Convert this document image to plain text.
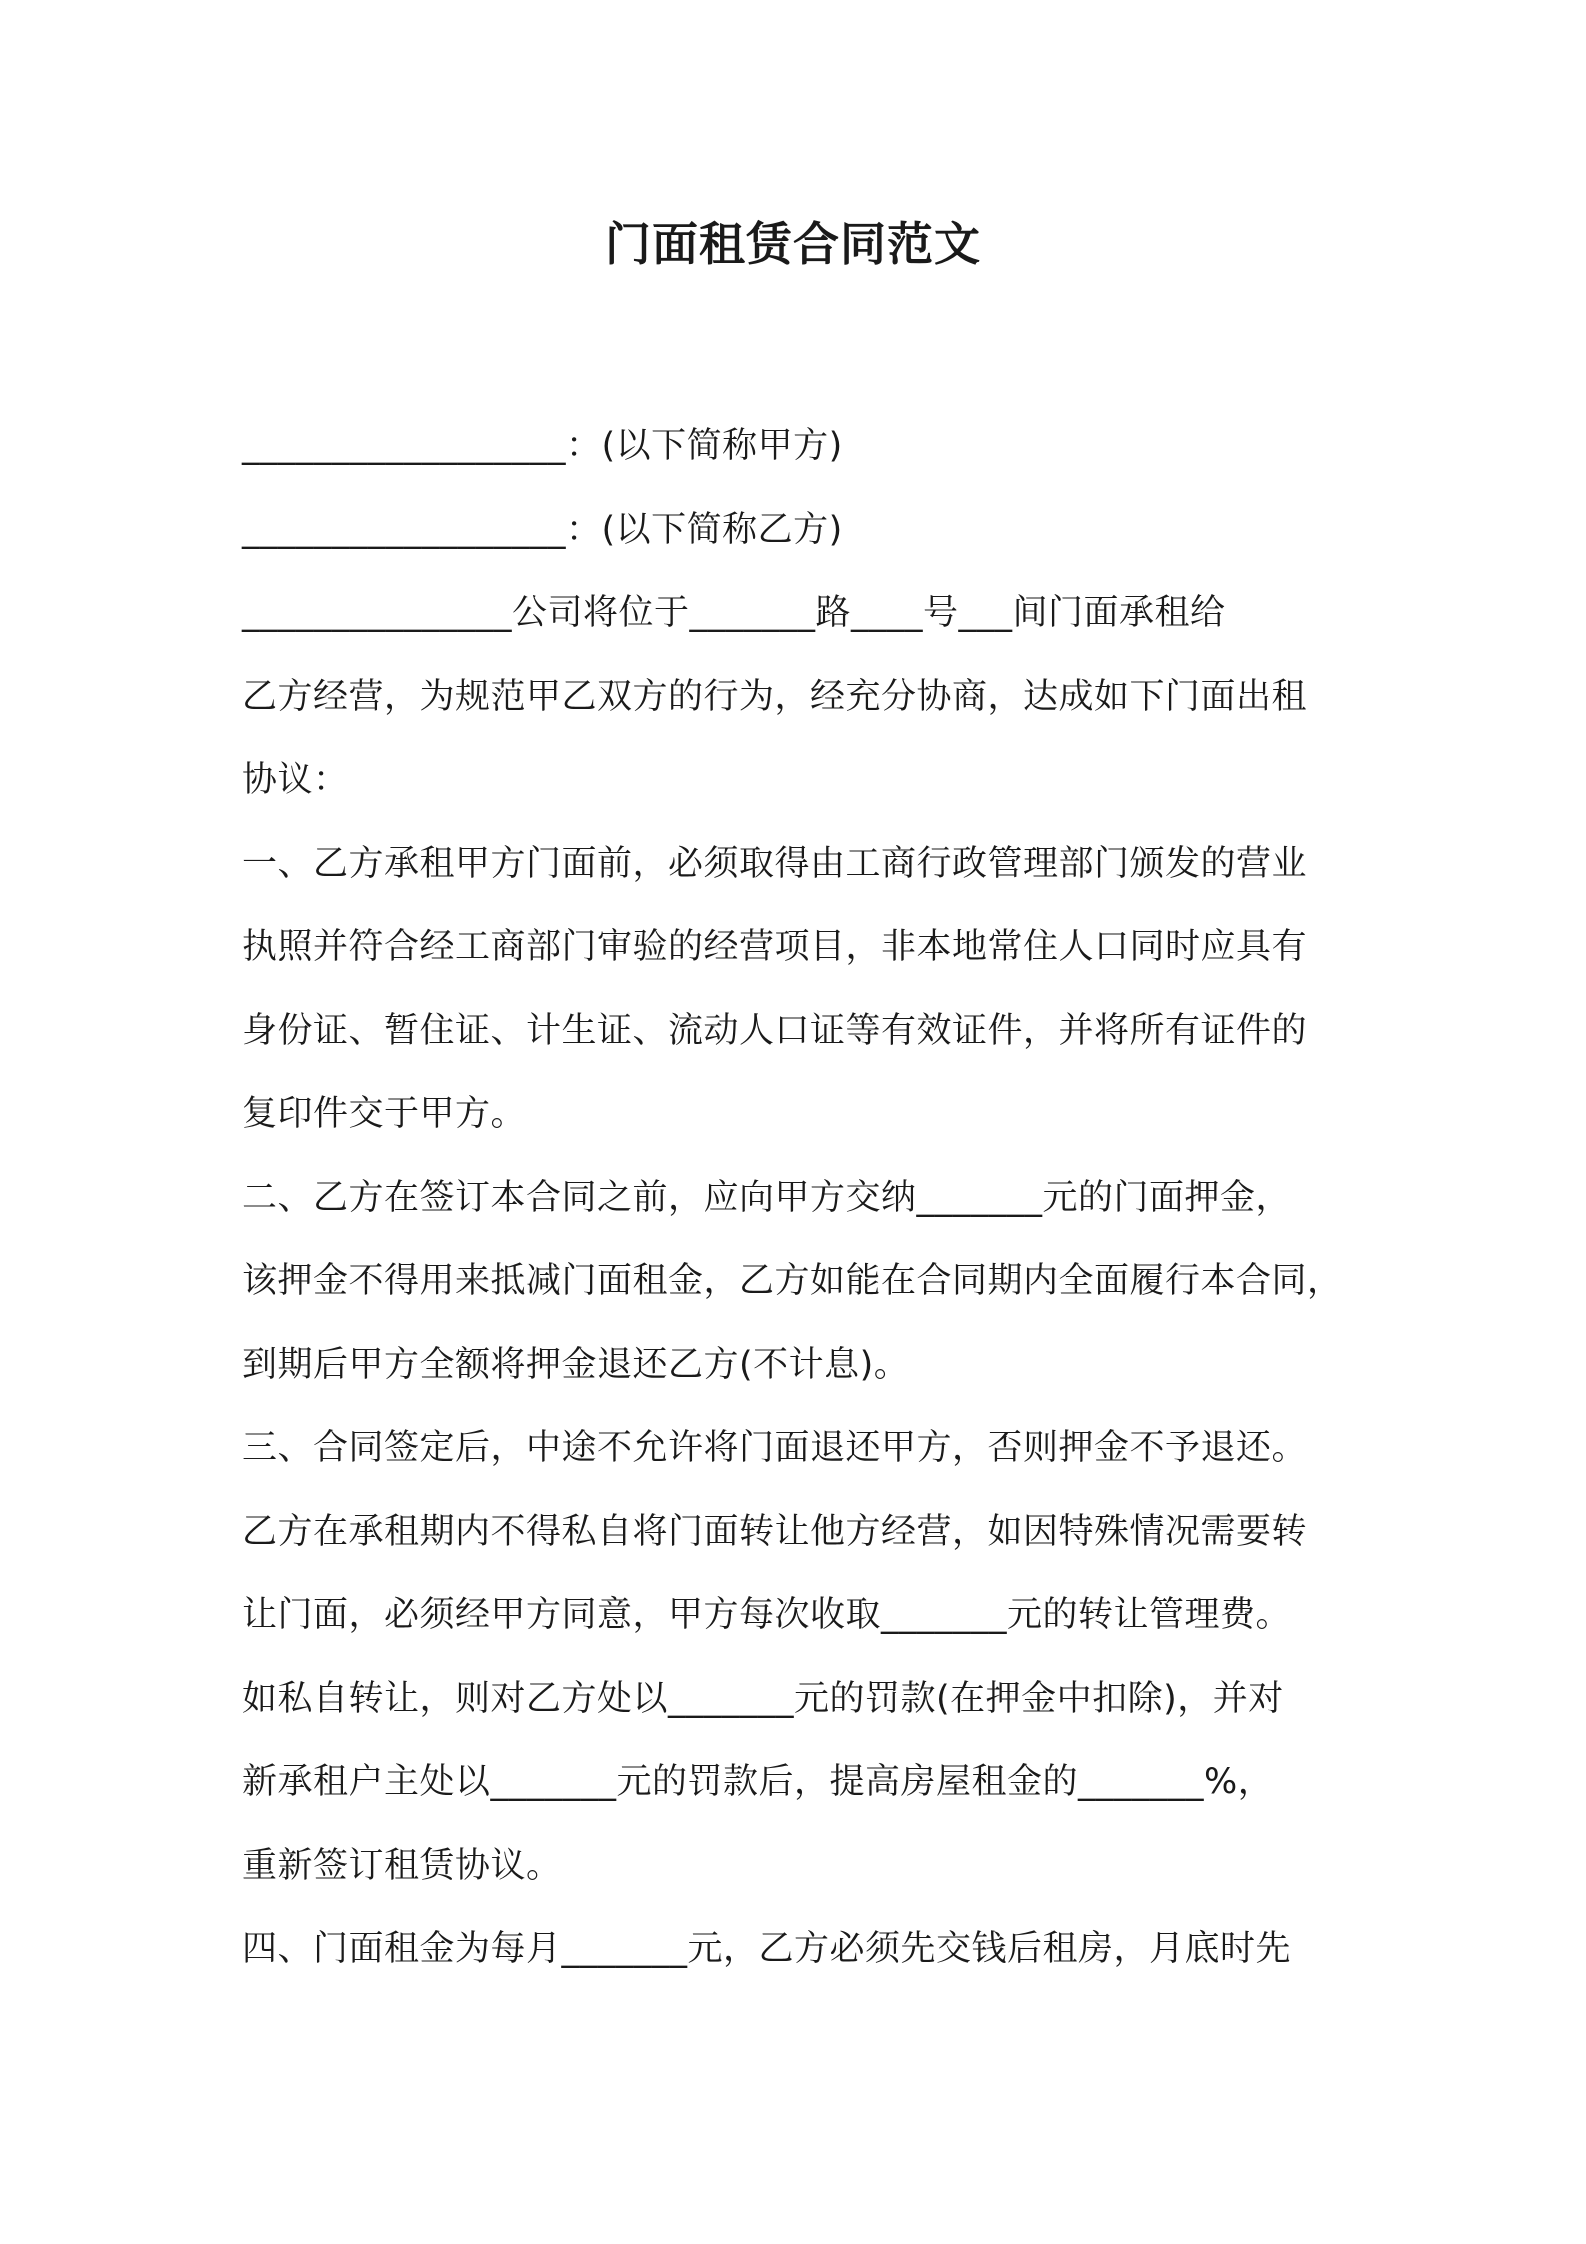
门面租赁合同范文
__________________：(以下简称甲方)
__________________：(以下简称乙方)
_______________公司将位于_______路____号___间门面承租给
乙方经营，为规范甲乙双方的行为，经充分协商，达成如下门面出租
协议：
一、乙方承租甲方门面前，必须取得由工商行政管理部门颁发的营业
执照并符合经工商部门审验的经营项目，非本地常住人口同时应具有
身份证、暂住证、计生证、流动人口证等有效证件，并将所有证件的
复印件交于甲方。
二、乙方在签订本合同之前，应向甲方交纳_______元的门面押金，
该押金不得用来抵减门面租金，乙方如能在合同期内全面履行本合同，
到期后甲方全额将押金退还乙方(不计息)。
三、合同签定后，中途不允许将门面退还甲方，否则押金不予退还。
乙方在承租期内不得私自将门面转让他方经营，如因特殊情况需要转
让门面，必须经甲方同意，甲方每次收取_______元的转让管理费。
如私自转让，则对乙方处以_______元的罚款(在押金中扣除)，并对
新承租户主处以_______元的罚款后，提高房屋租金的_______%，
重新签订租赁协议。
四、门面租金为每月_______元，乙方必须先交钱后租房，月底时先
